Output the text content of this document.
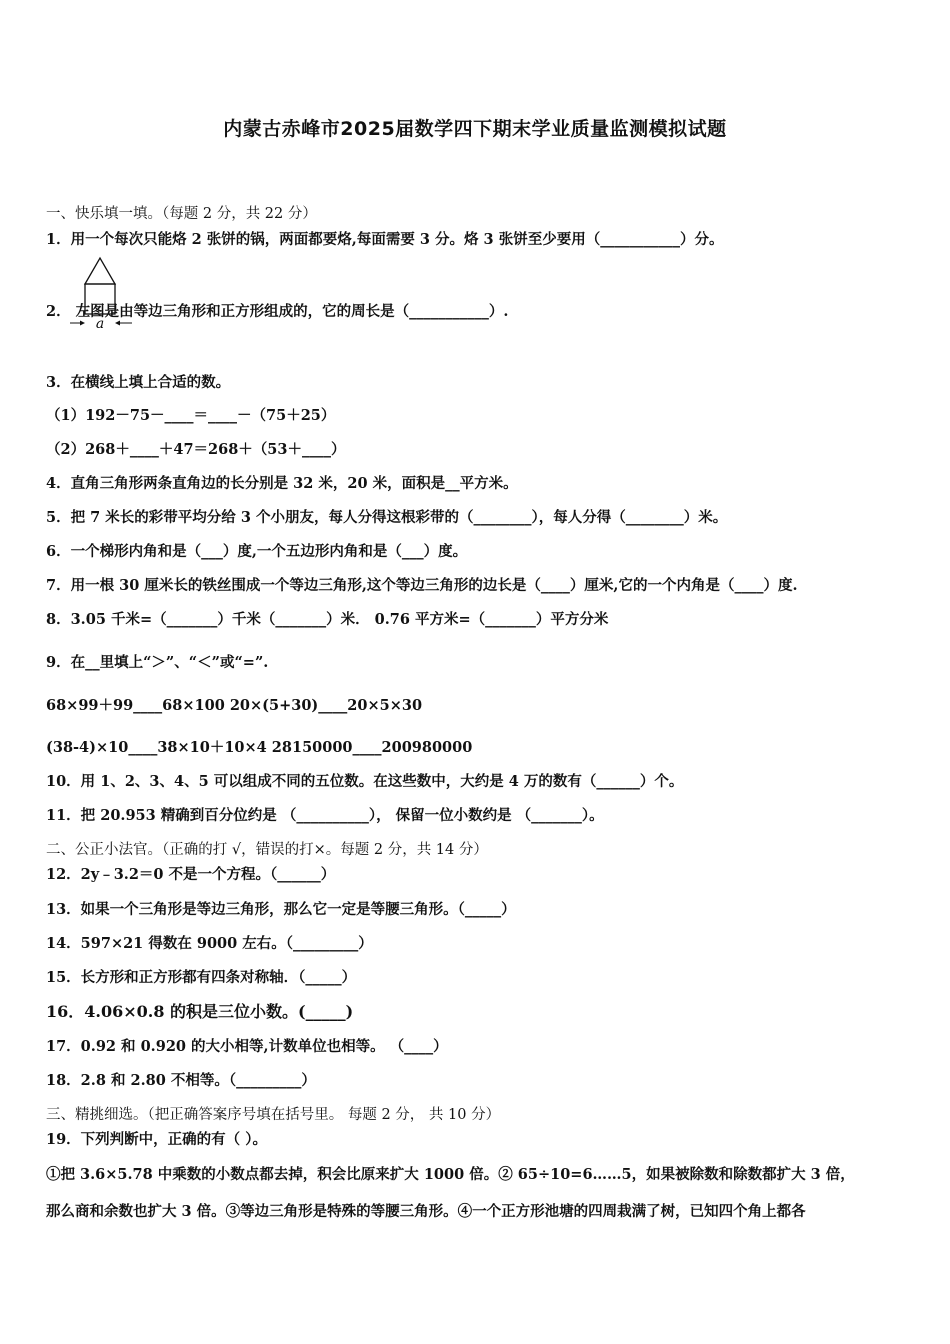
内蒙古赤峰市2025届数学四下期末学业质量监测模拟试题
a
一、快乐填一填。（每题 2 分，共 22 分）
1．用一个每次只能烙 2 张饼的锅，两面都要烙,每面需要 3 分。烙 3 张饼至少要用（___________）分。
2． 左图是由等边三角形和正方形组成的，它的周长是（___________）.
3．在横线上填上合适的数。
（1）192－75－____＝____－（75＋25）
（2）268＋____＋47＝268＋（53＋____）
4．直角三角形两条直角边的长分别是 32 米，20 米，面积是__平方米。
5．把 7 米长的彩带平均分给 3 个小朋友，每人分得这根彩带的（________），每人分得（________）米。
6．一个梯形内角和是（___）度,一个五边形内角和是（___）度。
7．用一根 30 厘米长的铁丝围成一个等边三角形,这个等边三角形的边长是（____）厘米,它的一个内角是（____）度.
8．3.05 千米=（_______）千米（_______）米． 0.76 平方米=（_______）平方分米
9．在__里填上“＞”、“＜”或“=”.
68×99＋99____68×100 20×(5+30)____20×5×30
(38-4)×10____38×10＋10×4 28150000____200980000
10．用 1、2、3、4、5 可以组成不同的五位数。在这些数中，大约是 4 万的数有（______）个。
11．把 20.953 精确到百分位约是 （__________）， 保留一位小数约是 （_______）。
二、公正小法官。（正确的打 √，错误的打×。每题 2 分，共 14 分）
12．2y﹣3.2＝0 不是一个方程。（______）
13．如果一个三角形是等边三角形，那么它一定是等腰三角形。（_____）
14．597×21 得数在 9000 左右。（_________）
15．长方形和正方形都有四条对称轴．（_____）
16．4.06×0.8 的积是三位小数。(_____)
17．0.92 和 0.920 的大小相等,计数单位也相等。 （____）
18．2.8 和 2.80 不相等。（_________）
三、精挑细选。（把正确答案序号填在括号里。 每题 2 分， 共 10 分）
19．下列判断中，正确的有（ ）。
①把 3.6×5.78 中乘数的小数点都去掉，积会比原来扩大 1000 倍。② 65÷10=6……5，如果被除数和除数都扩大 3 倍，
那么商和余数也扩大 3 倍。③等边三角形是特殊的等腰三角形。④一个正方形池塘的四周栽满了树，已知四个角上都各
